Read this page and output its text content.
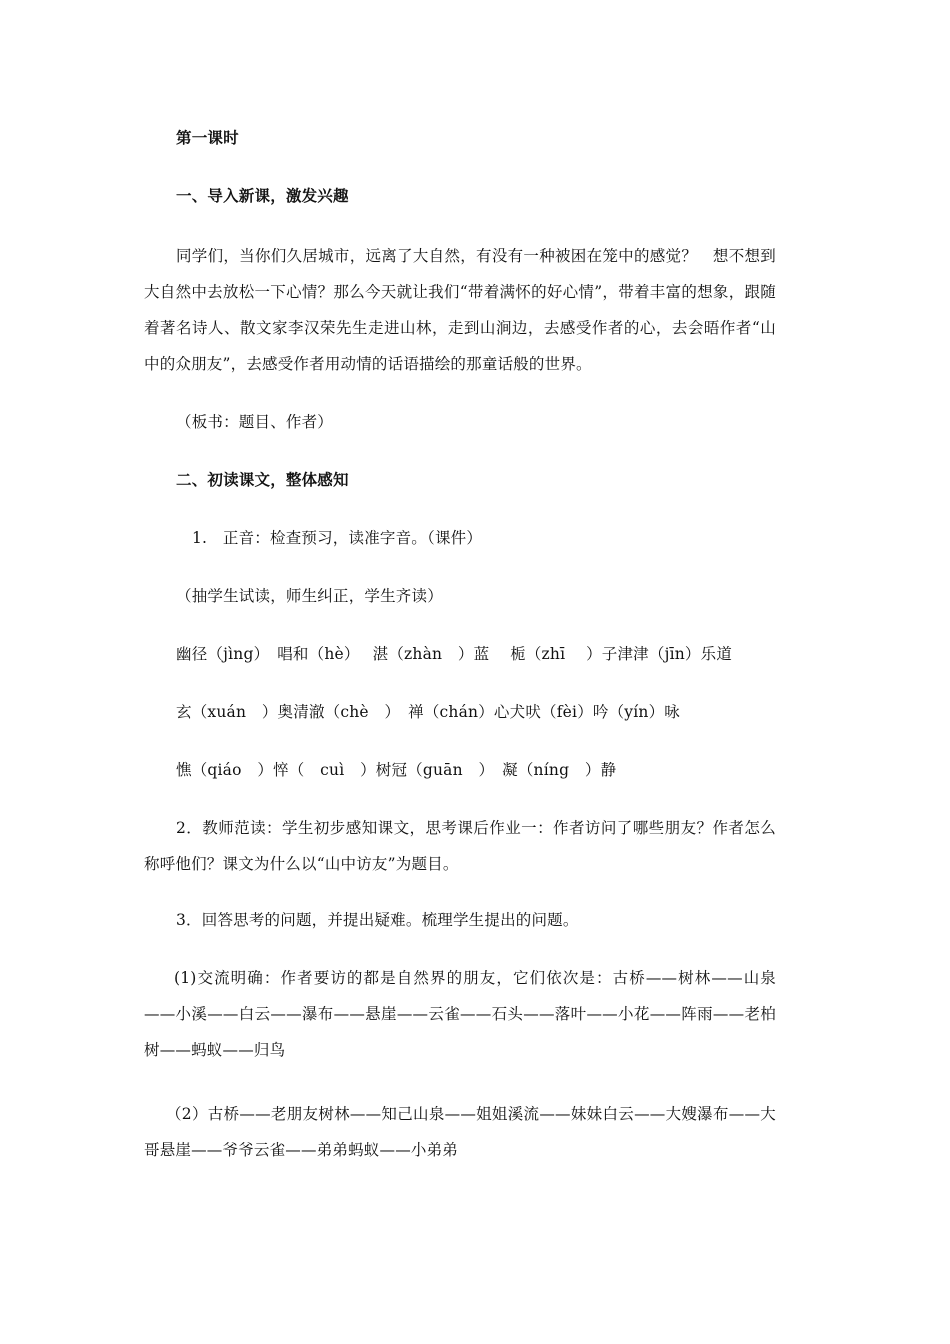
第一课时
一、导入新课，激发兴趣
同学们，当你们久居城市，远离了大自然，有没有一种被困在笼中的感觉？　想不想到大自然中去放松一下心情？那么今天就让我们“带着满怀的好心情”，带着丰富的想象，跟随着著名诗人、散文家李汉荣先生走进山林，走到山涧边，去感受作者的心，去会晤作者“山中的众朋友”，去感受作者用动情的话语描绘的那童话般的世界。
（板书：题目、作者）
二、初读课文，整体感知
1.　正音：检查预习，读准字音。（课件）
（抽学生试读，师生纠正，学生齐读）
幽径（jìng）　唱和（hè）　 湛（zhàn　）蓝　 栀（zhī　 ）子津津（jīn）乐道
玄（xuán　）奥清澈（chè　）　禅（chán）心犬吠（fèi）吟（yín）咏
憔（qiáo　）悴（　cuì　）树冠（guān　）　凝（níng　）静
2．教师范读：学生初步感知课文，思考课后作业一：作者访问了哪些朋友？作者怎么称呼他们？课文为什么以“山中访友”为题目。
3．回答思考的问题，并提出疑难。梳理学生提出的问题。
(1)交流明确：作者要访的都是自然界的朋友，它们依次是：古桥——树林——山泉——小溪——白云——瀑布——悬崖——云雀——石头——落叶——小花——阵雨——老柏树——蚂蚁——归鸟
（2）古桥——老朋友树林——知己山泉——姐姐溪流——妹妹白云——大嫂瀑布——大哥悬崖——爷爷云雀——弟弟蚂蚁——小弟弟
